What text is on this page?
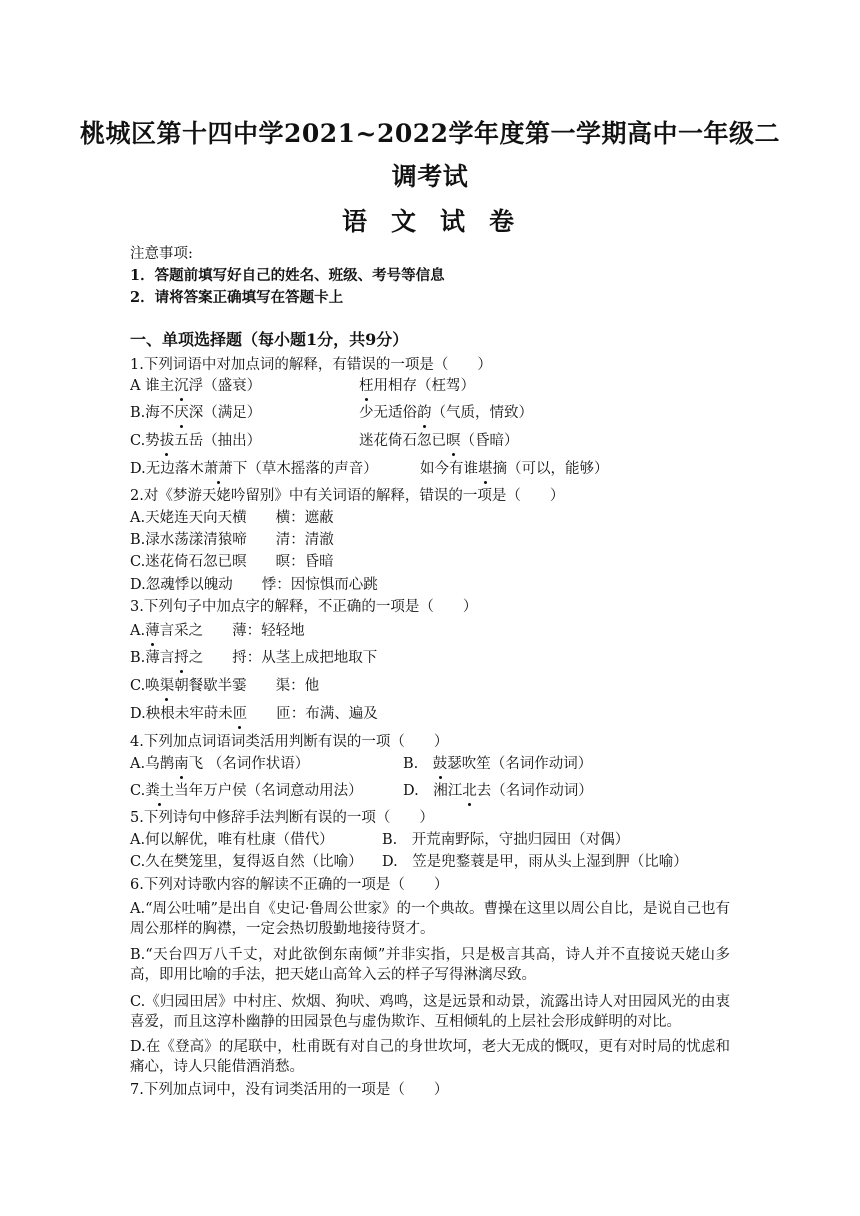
桃城区第十四中学2021~2022学年度第一学期高中一年级二
调考试
语文试卷
注意事项:
1．答题前填写好自己的姓名、班级、考号等信息
2．请将答案正确填写在答题卡上
一、单项选择题（每小题1分，共9分）
1.下列词语中对加点词的解释，有错误的一项是（　　）
A 谁主沉浮（盛衰）	枉用相存（枉驾）
B.海不厌深（满足）	少无适俗韵（气质，情致）
C.势拔五岳（抽出）	迷花倚石忽已暝（昏暗）
D.无边落木萧萧下（草木摇落的声音）	如今有谁堪摘（可以，能够）
2.对《梦游天姥吟留别》中有关词语的解释，错误的一项是（　　）
A.天姥连天向天横　　横：遮蔽
B.渌水荡漾清猿啼　　清：清澈
C.迷花倚石忽已暝　　暝：昏暗
D.忽魂悸以魄动　　悸：因惊惧而心跳
3.下列句子中加点字的解释，不正确的一项是（　　）
A.薄言采之　　薄：轻轻地
B.薄言捋之　　捋：从茎上成把地取下
C.唤渠朝餐歇半霎　　渠：他
D.秧根未牢莳未匝　　匝：布满、遍及
4.下列加点词语词类活用判断有误的一项（　　）
A.乌鹊南飞 （名词作状语）	B.　鼓瑟吹笙（名词作动词）
C.粪土当年万户侯（名词意动用法）	D.　湘江北去（名词作动词）
5.下列诗句中修辞手法判断有误的一项（　　）
A.何以解优，唯有杜康（借代）	B.　开荒南野际，守拙归园田（对偶）
C.久在樊笼里，复得返自然（比喻） D.　笠是兜鍪蓑是甲，雨从头上湿到胛（比喻）
6.下列对诗歌内容的解读不正确的一项是（　　）
A.“周公吐哺”是出自《史记·鲁周公世家》的一个典故。曹操在这里以周公自比，是说自己也有周公那样的胸襟，一定会热切殷勤地接待贤才。
B.“天台四万八千丈，对此欲倒东南倾”并非实指，只是极言其高，诗人并不直接说天姥山多高，即用比喻的手法，把天姥山高耸入云的样子写得淋漓尽致。
C.《归园田居》中村庄、炊烟、狗吠、鸡鸣，这是远景和动景，流露出诗人对田园风光的由衷喜爱，而且这淳朴幽静的田园景色与虚伪欺诈、互相倾轧的上层社会形成鲜明的对比。
D.在《登高》的尾联中，杜甫既有对自己的身世坎坷，老大无成的慨叹，更有对时局的忧虑和痛心，诗人只能借酒消愁。
7.下列加点词中，没有词类活用的一项是（　　）
